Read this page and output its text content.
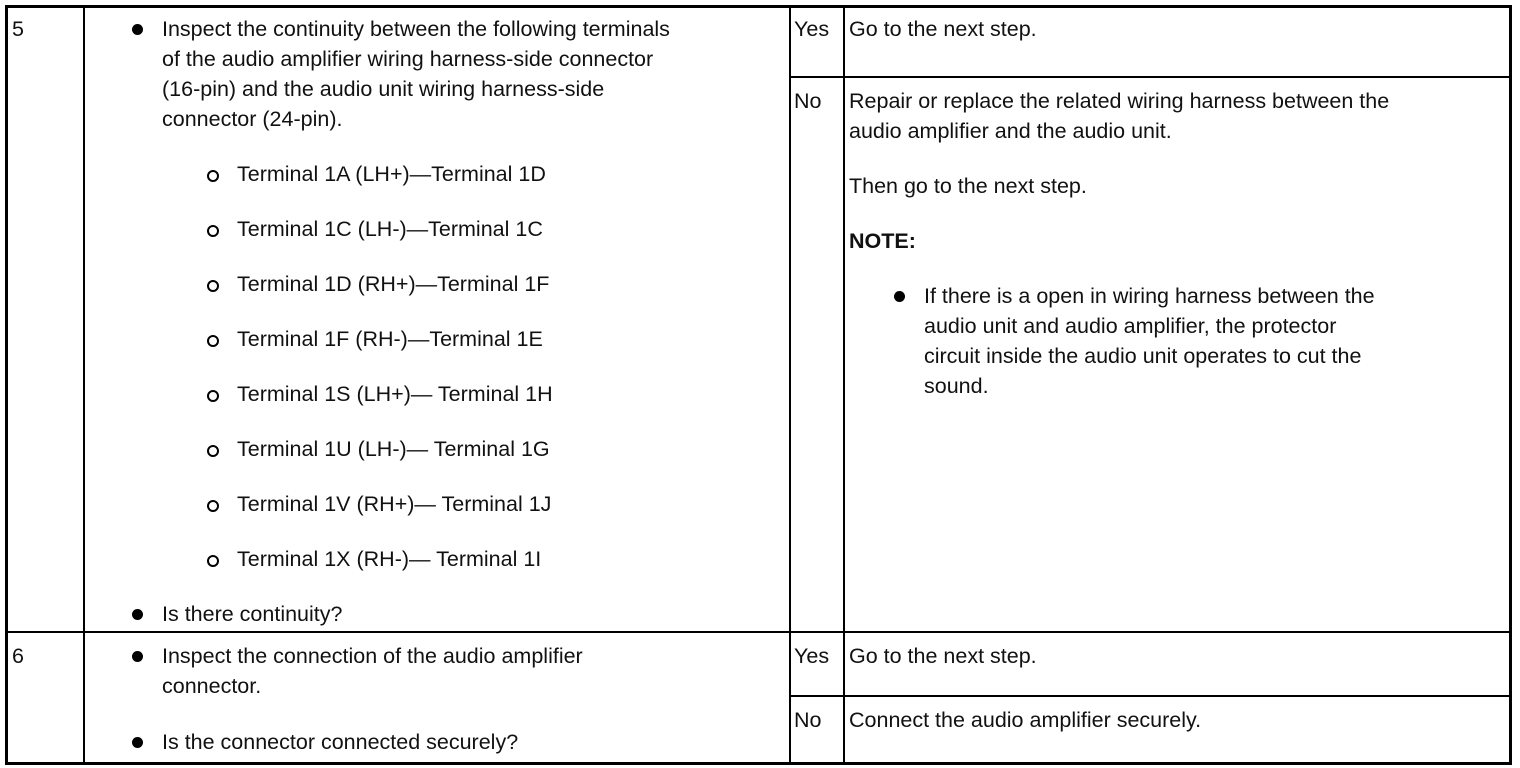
5	Inspect the continuity between the following terminals
of the audio amplifier wiring harness-side connector
(16-pin) and the audio unit wiring harness-side
connector (24-pin).
Terminal 1A (LH+)—Terminal 1D
Terminal 1C (LH-)—Terminal 1C
Terminal 1D (RH+)—Terminal 1F
Terminal 1F (RH-)—Terminal 1E
Terminal 1S (LH+)— Terminal 1H
Terminal 1U (LH-)— Terminal 1G
Terminal 1V (RH+)— Terminal 1J
Terminal 1X (RH-)— Terminal 1I
Is there continuity?
Yes Go to the next step.
No Repair or replace the related wiring harness between the
audio amplifier and the audio unit.
Then go to the next step.
NOTE:
If there is a open in wiring harness between the
audio unit and audio amplifier, the protector
circuit inside the audio unit operates to cut the
sound.
6	Inspect the connection of the audio amplifier
connector.
Is the connector connected securely?
Yes Go to the next step.
No Connect the audio amplifier securely.
